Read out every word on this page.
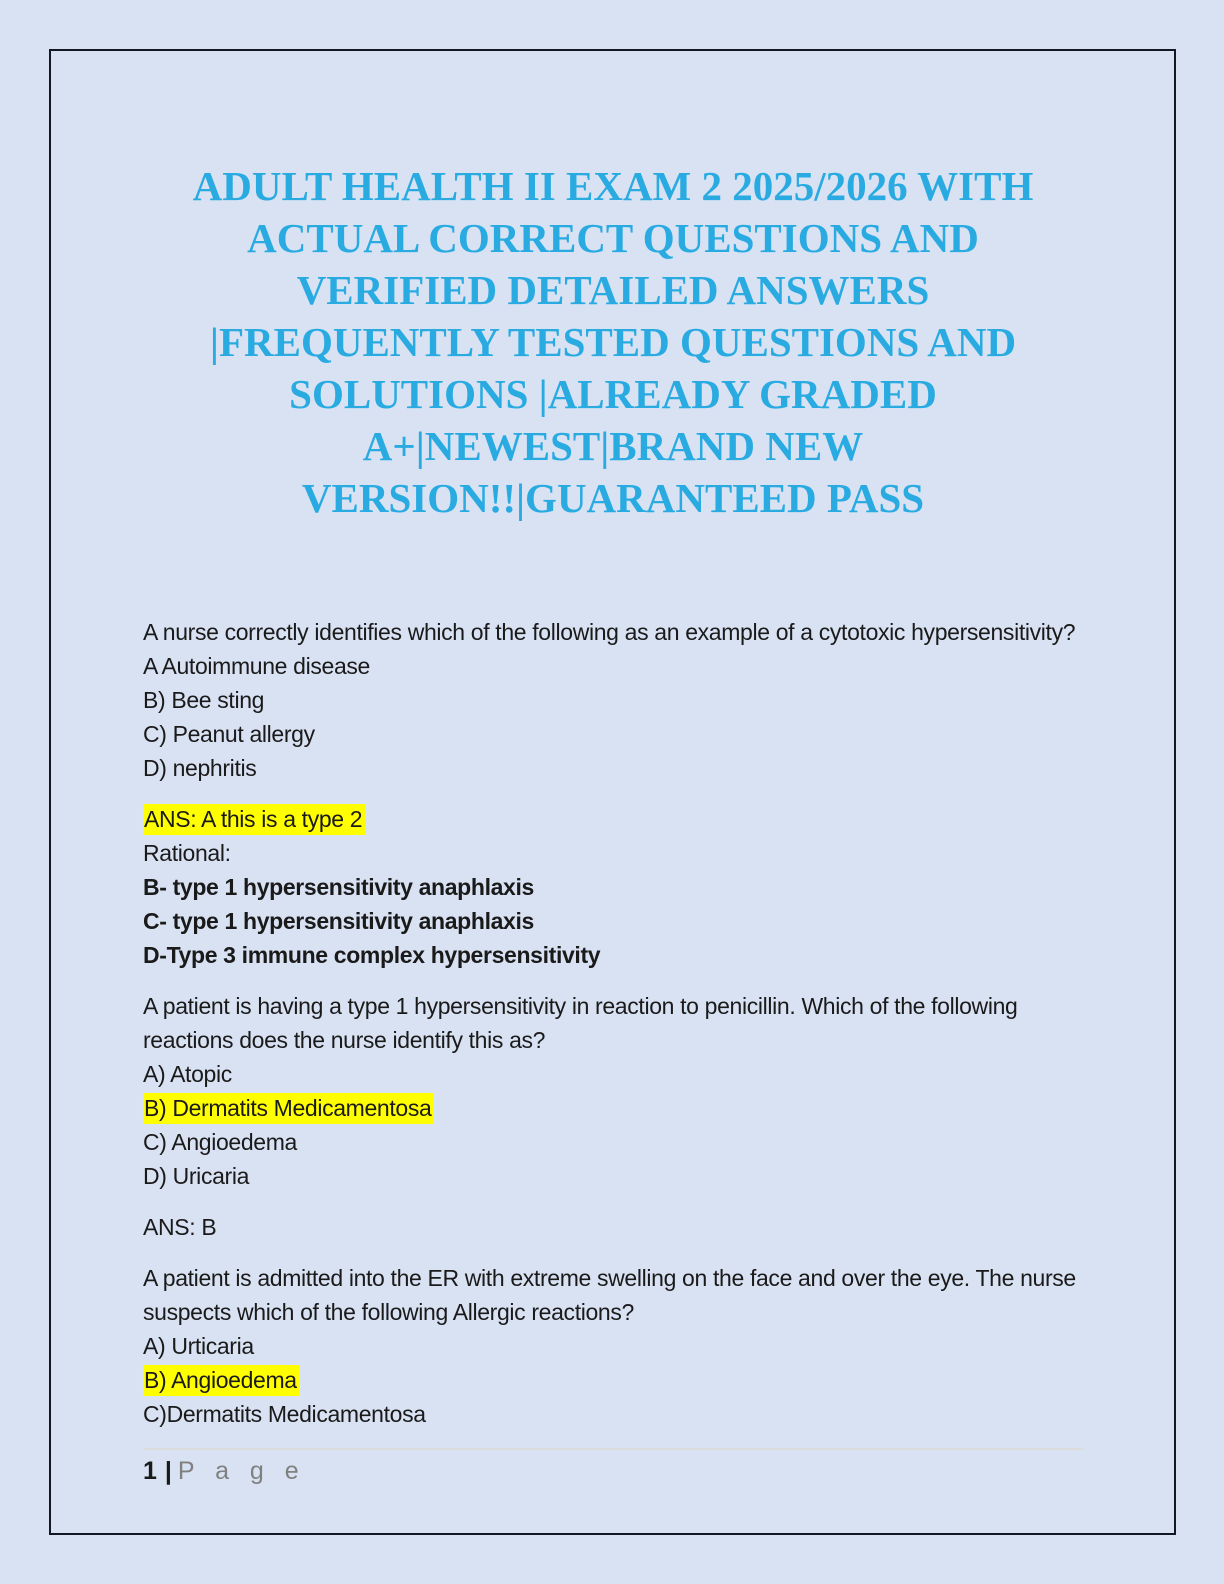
ADULT HEALTH II EXAM 2 2025/2026 WITH
ACTUAL CORRECT QUESTIONS AND
VERIFIED DETAILED ANSWERS
|FREQUENTLY TESTED QUESTIONS AND
SOLUTIONS |ALREADY GRADED
A+|NEWEST|BRAND NEW
VERSION!!|GUARANTEED PASS
A nurse correctly identifies which of the following as an example of a cytotoxic hypersensitivity?
A Autoimmune disease
B) Bee sting
C) Peanut allergy
D) nephritis
ANS: A this is a type 2
Rational:
B- type 1 hypersensitivity anaphlaxis
C- type 1 hypersensitivity anaphlaxis
D-Type 3 immune complex hypersensitivity
A patient is having a type 1 hypersensitivity in reaction to penicillin. Which of the following
reactions does the nurse identify this as?
A) Atopic
B) Dermatits Medicamentosa
C) Angioedema
D) Uricaria
ANS: B
A patient is admitted into the ER with extreme swelling on the face and over the eye. The nurse
suspects which of the following Allergic reactions?
A) Urticaria
B) Angioedema
C)Dermatits Medicamentosa
1 | P a g e
